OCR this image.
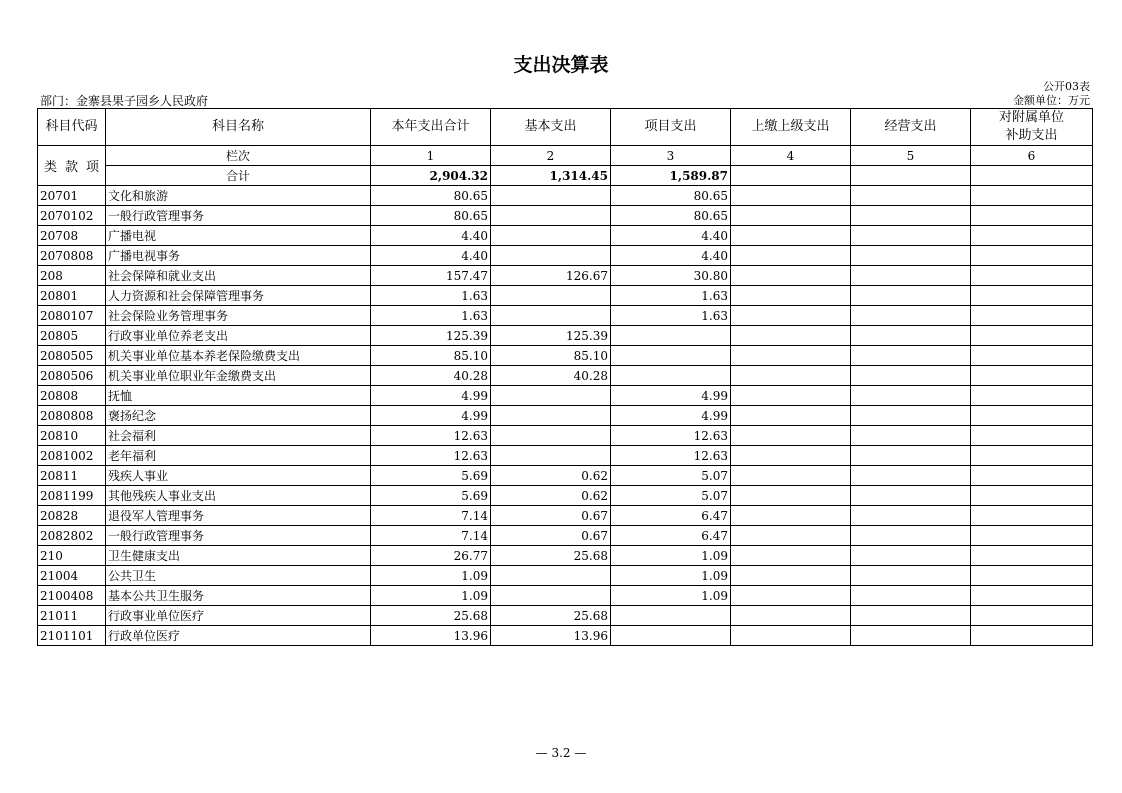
支出决算表
公开03表
部门：金寨县果子园乡人民政府	金额单位：万元
科目代码	科目名称	本年支出合计	基本支出	项目支出	上缴上级支出	经营支出	对附属单位
补助支出

类 款 项	栏次	1	2	3	4	5	6
	合计	2,904.32	1,314.45	1,589.87			
20701	文化和旅游	80.65		80.65			
2070102	一般行政管理事务	80.65		80.65			
20708	广播电视	4.40		4.40			
2070808	广播电视事务	4.40		4.40			
208	社会保障和就业支出	157.47	126.67	30.80			
20801	人力资源和社会保障管理事务	1.63		1.63			
2080107	社会保险业务管理事务	1.63		1.63			
20805	行政事业单位养老支出	125.39	125.39				
2080505	机关事业单位基本养老保险缴费支出	85.10	85.10				
2080506	机关事业单位职业年金缴费支出	40.28	40.28				
20808	抚恤	4.99		4.99			
2080808	褒扬纪念	4.99		4.99			
20810	社会福利	12.63		12.63			
2081002	老年福利	12.63		12.63			
20811	残疾人事业	5.69	0.62	5.07			
2081199	其他残疾人事业支出	5.69	0.62	5.07			
20828	退役军人管理事务	7.14	0.67	6.47			
2082802	一般行政管理事务	7.14	0.67	6.47			
210	卫生健康支出	26.77	25.68	1.09			
21004	公共卫生	1.09		1.09			
2100408	基本公共卫生服务	1.09		1.09			
21011	行政事业单位医疗	25.68	25.68				
2101101	行政单位医疗	13.96	13.96				
— 3.2 —
